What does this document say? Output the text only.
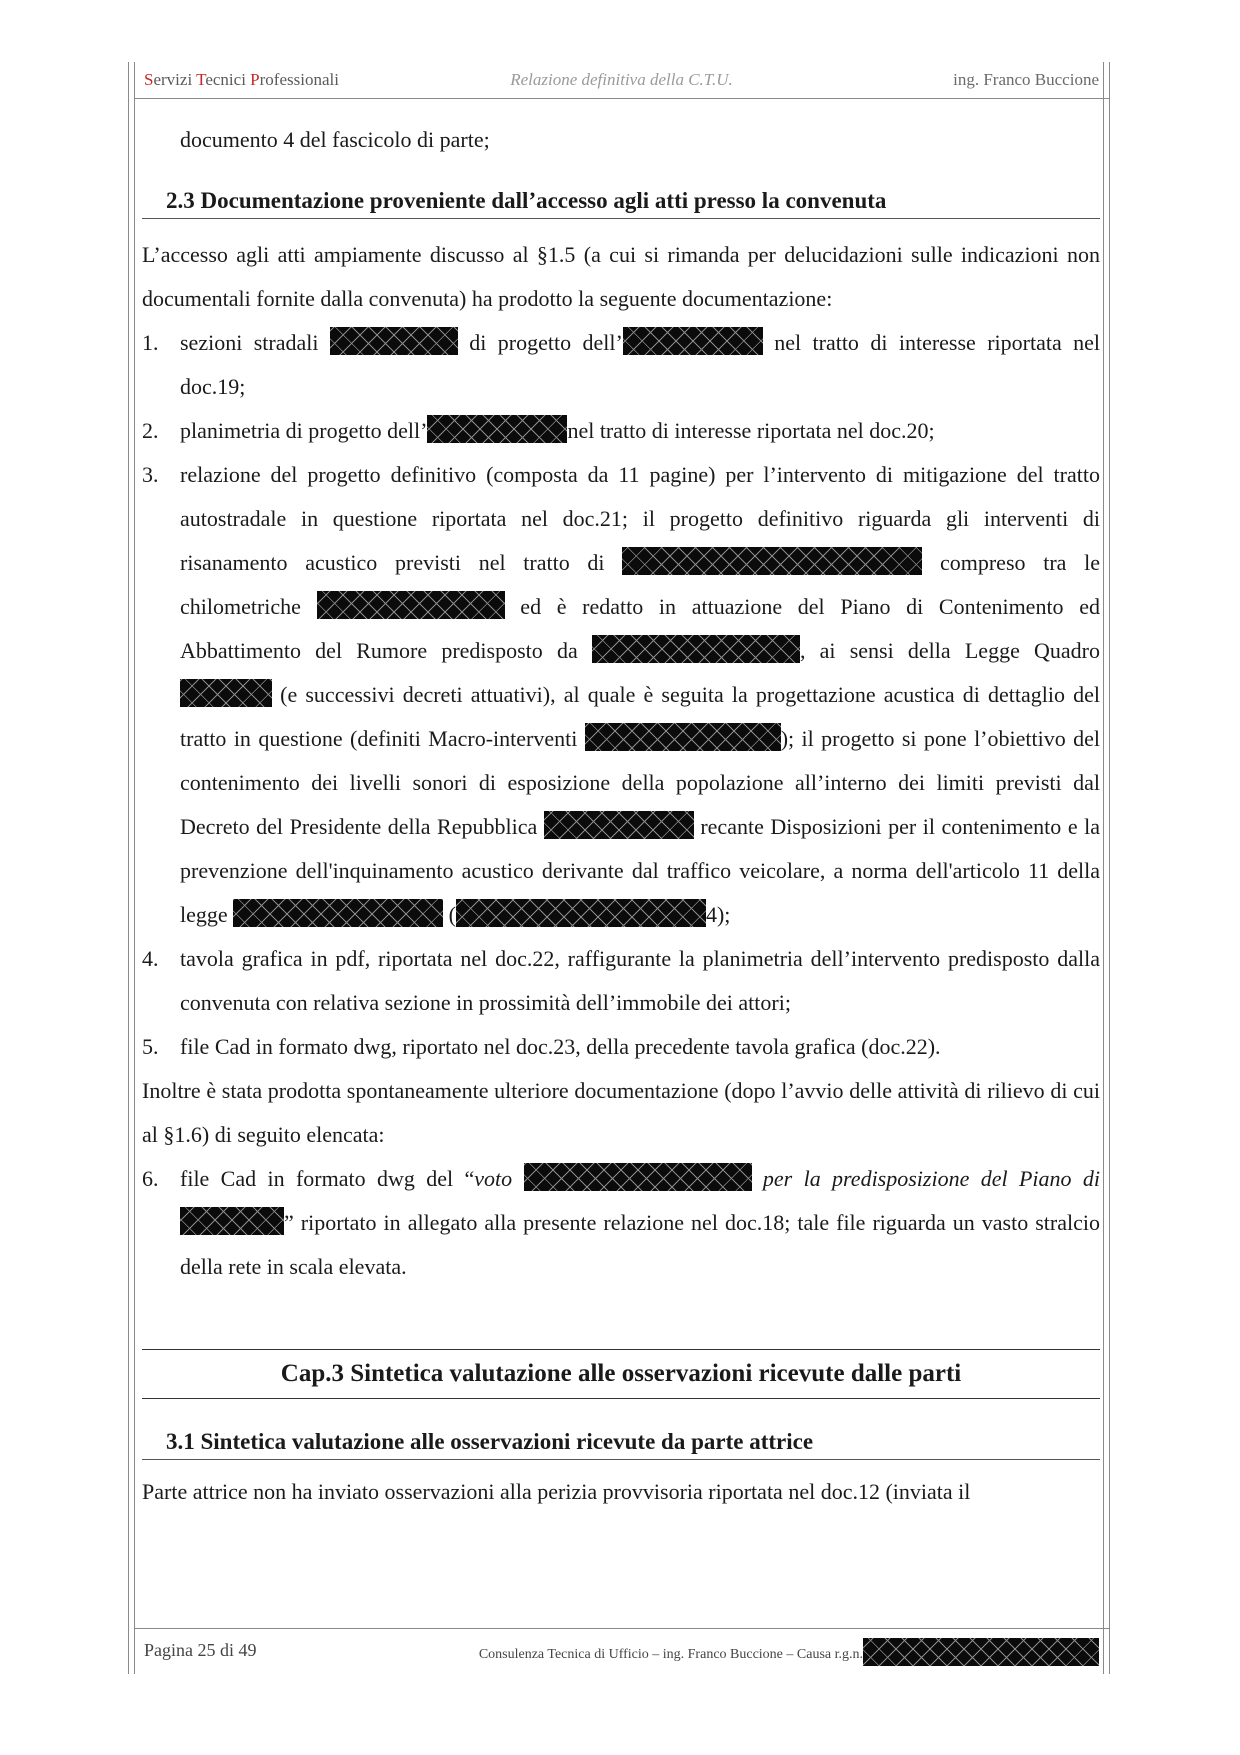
Servizi Tecnici Professionali	Relazione definitiva della C.T.U.	ing. Franco Buccione

documento 4 del fascicolo di parte;

2.3 Documentazione proveniente dall’accesso agli atti presso la convenuta

L’accesso agli atti ampiamente discusso al §1.5 (a cui si rimanda per delucidazioni sulle indicazioni non documentali fornite dalla convenuta) ha prodotto la seguente documentazione:

1. sezioni stradali	di progetto dell’	nel tratto di interesse riportata nel doc.19;
2. planimetria di progetto dell’	nel tratto di interesse riportata nel doc.20;
3. relazione del progetto definitivo (composta da 11 pagine) per l’intervento di mitigazione del tratto autostradale in questione riportata nel doc.21; il progetto definitivo riguarda gli interventi di risanamento acustico previsti nel tratto di	compreso tra le chilometriche	ed è redatto in attuazione del Piano di Contenimento ed Abbattimento del Rumore predisposto da	, ai sensi della Legge Quadro  (e successivi decreti attuativi), al quale è seguita la progettazione acustica di dettaglio del tratto in questione (definiti Macro-interventi	); il progetto si pone l’obiettivo del contenimento dei livelli sonori di esposizione della popolazione all’interno dei limiti previsti dal Decreto del Presidente della Repubblica	recante Disposizioni per il contenimento e la prevenzione dell'inquinamento acustico derivante dal traffico veicolare, a norma dell'articolo 11 della legge	(	4);
4. tavola grafica in pdf, riportata nel doc.22, raffigurante la planimetria dell’intervento predisposto dalla convenuta con relativa sezione in prossimità dell’immobile dei attori;
5. file Cad in formato dwg, riportato nel doc.23, della precedente tavola grafica (doc.22).

Inoltre è stata prodotta spontaneamente ulteriore documentazione (dopo l’avvio delle attività di rilievo di cui al §1.6) di seguito elencata:

6. file Cad in formato dwg del “voto	per la predisposizione del Piano di ” riportato in allegato alla presente relazione nel doc.18; tale file riguarda un vasto stralcio della rete in scala elevata.
Cap.3 Sintetica valutazione alle osservazioni ricevute dalle parti
3.1 Sintetica valutazione alle osservazioni ricevute da parte attrice

Parte attrice non ha inviato osservazioni alla perizia provvisoria riportata nel doc.12 (inviata il

Pagina 25 di 49	Consulenza Tecnica di Ufficio – ing. Franco Buccione – Causa r.g.n.
